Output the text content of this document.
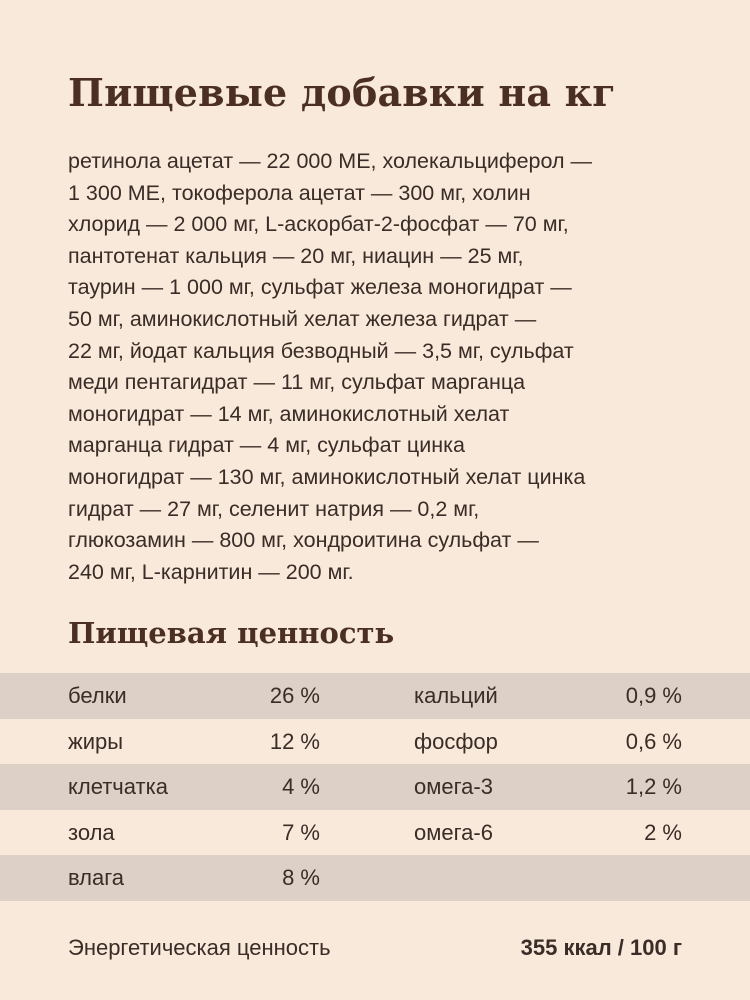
Пищевые добавки на кг
ретинола ацетат — 22 000 МЕ, холекальциферол —
1 300 МЕ, токоферола ацетат — 300 мг, холин
хлорид — 2 000 мг, L-аскорбат-2-фосфат — 70 мг,
пантотенат кальция — 20 мг, ниацин — 25 мг,
таурин — 1 000 мг, сульфат железа моногидрат —
50 мг, аминокислотный хелат железа гидрат —
22 мг, йодат кальция безводный — 3,5 мг, сульфат
меди пентагидрат — 11 мг, сульфат марганца
моногидрат — 14 мг, аминокислотный хелат
марганца гидрат — 4 мг, сульфат цинка
моногидрат — 130 мг, аминокислотный хелат цинка
гидрат — 27 мг, селенит натрия — 0,2 мг,
глюкозамин — 800 мг, хондроитина сульфат —
240 мг, L-карнитин — 200 мг.
Пищевая ценность
белки	26 %	кальций	0,9 %
жиры	12 %	фосфор	0,6 %
клетчатка	4 %	омега-3	1,2 %
зола	7 %	омега-6	2 %
влага	8 %
Энергетическая ценность	355 ккал / 100 г
